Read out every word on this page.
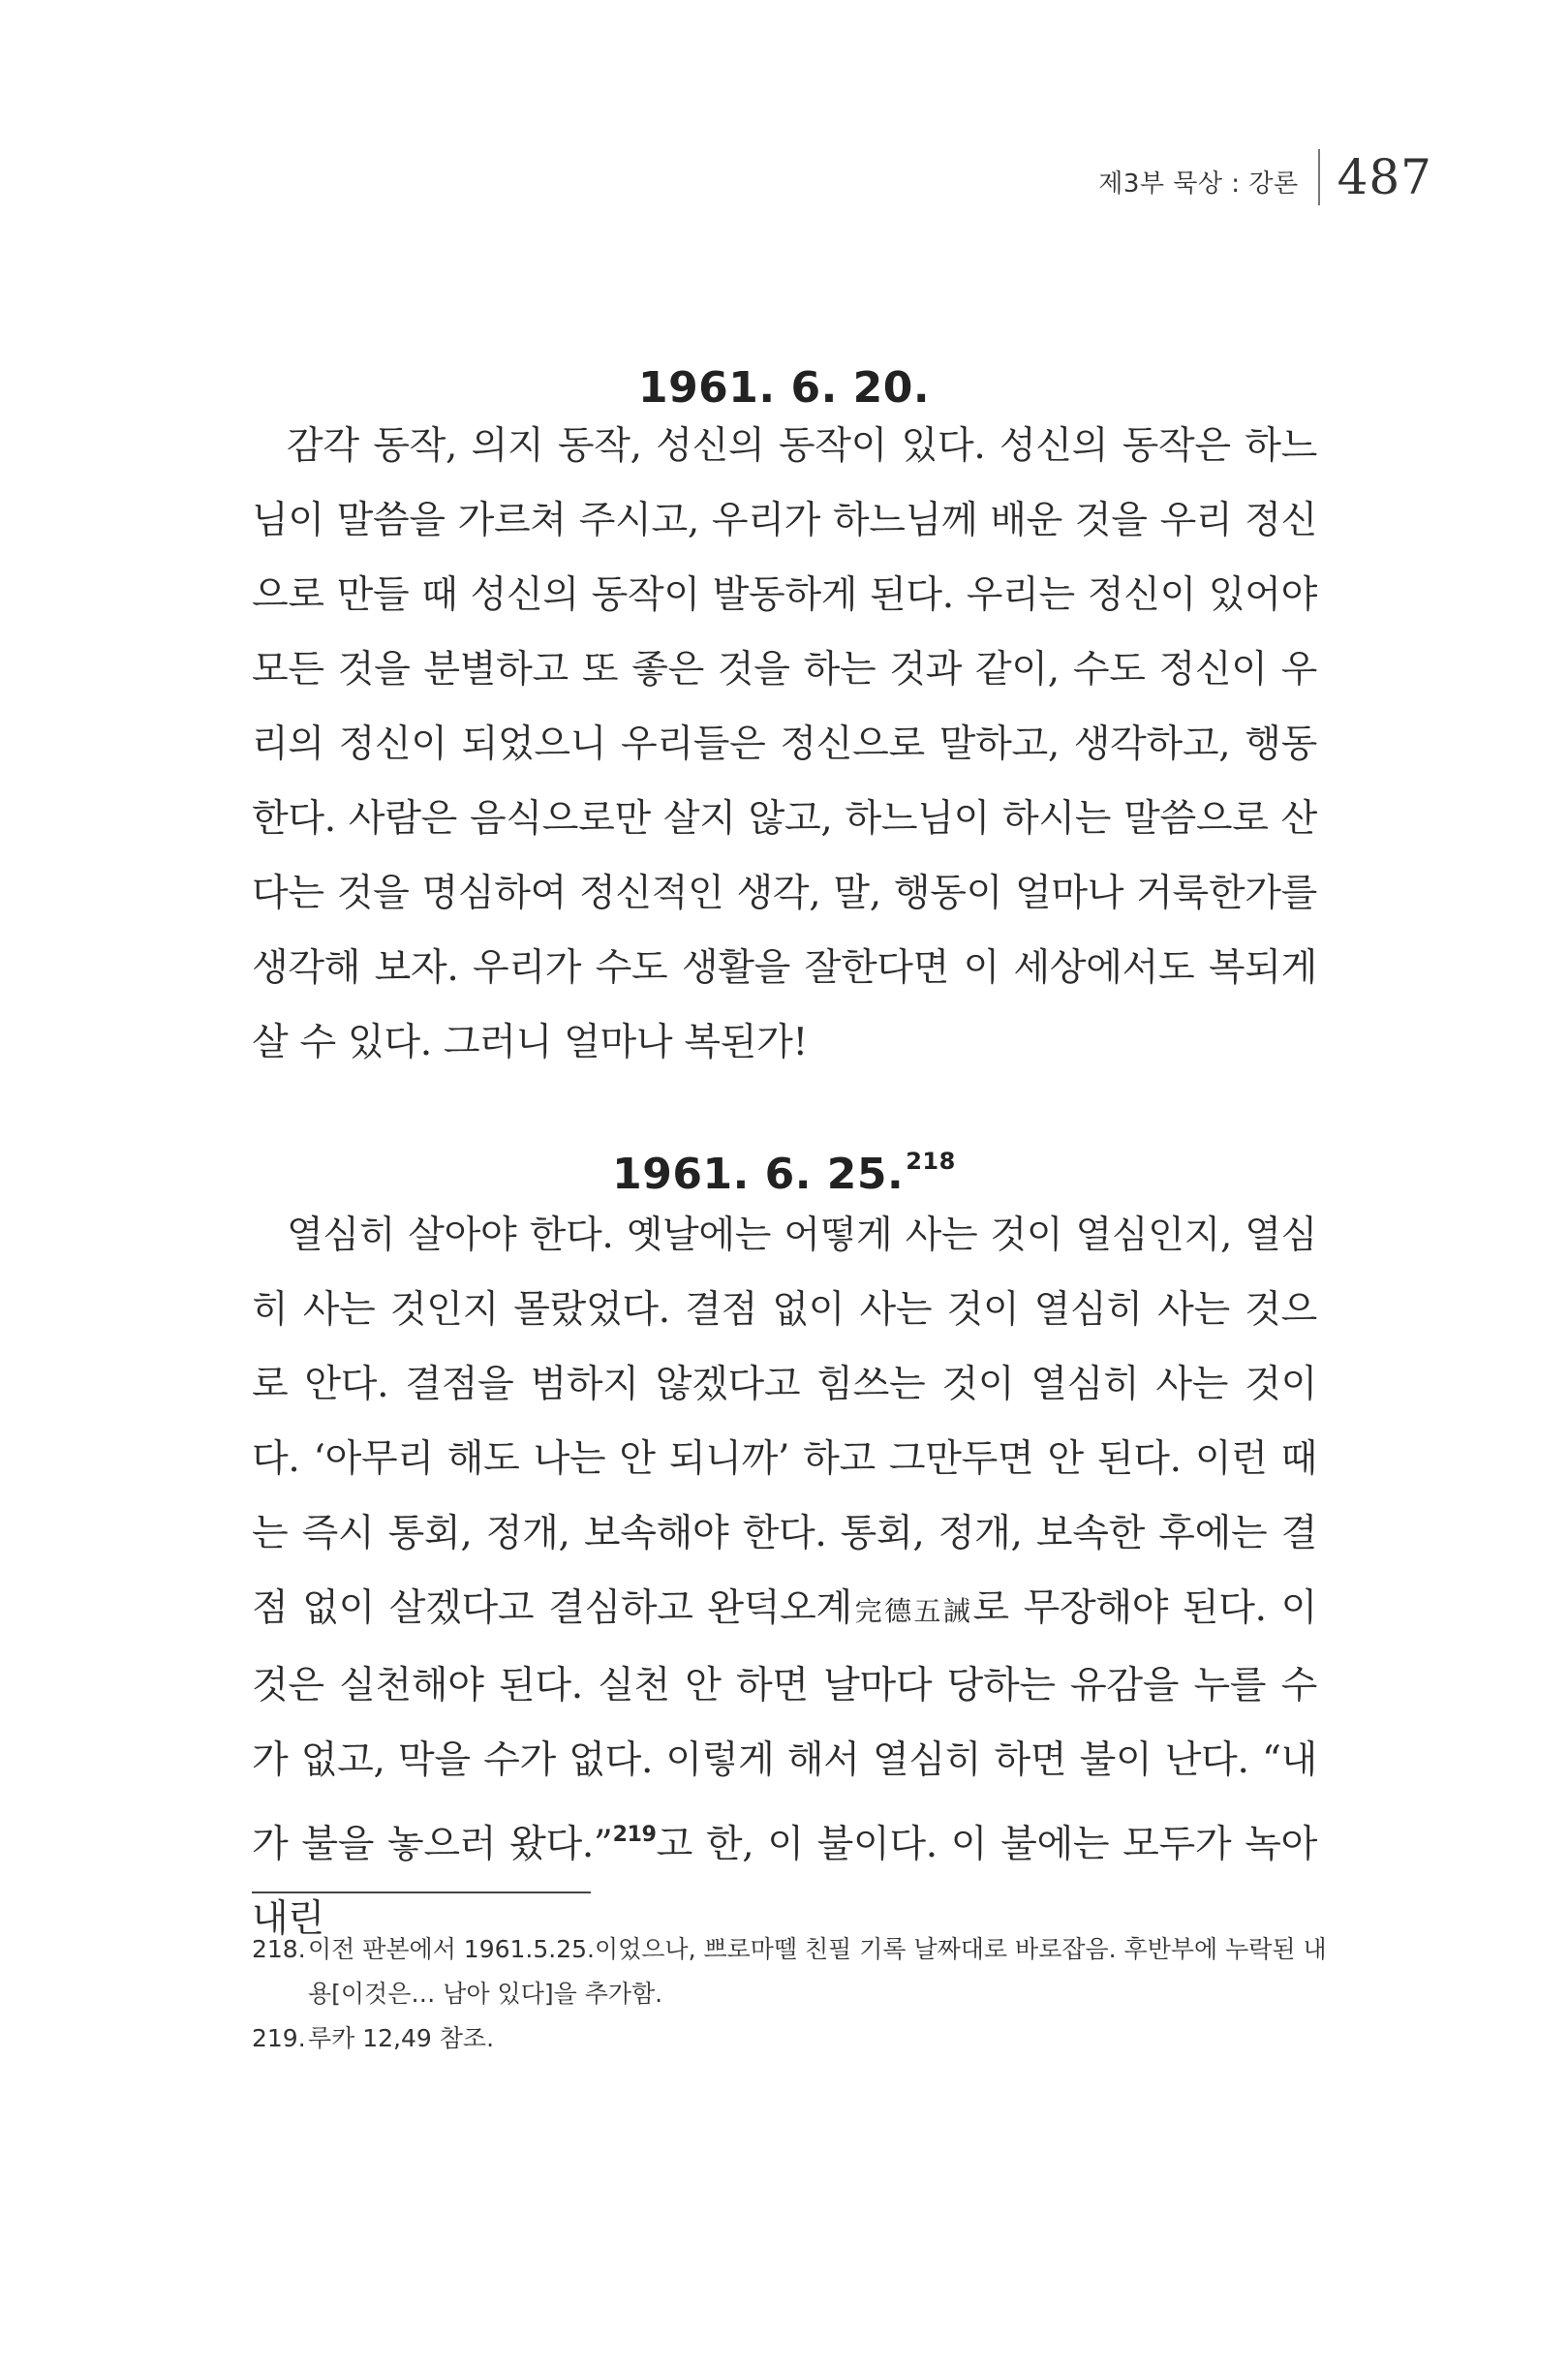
제3부 묵상 : 강론 487
1961. 6. 20.

감각 동작, 의지 동작, 성신의 동작이 있다. 성신의 동작은 하느님이 말씀을 가르쳐 주시고, 우리가 하느님께 배운 것을 우리 정신으로 만들 때 성신의 동작이 발동하게 된다. 우리는 정신이 있어야 모든 것을 분별하고 또 좋은 것을 하는 것과 같이, 수도 정신이 우리의 정신이 되었으니 우리들은 정신으로 말하고, 생각하고, 행동한다. 사람은 음식으로만 살지 않고, 하느님이 하시는 말씀으로 산다는 것을 명심하여 정신적인 생각, 말, 행동이 얼마나 거룩한가를 생각해 보자. 우리가 수도 생활을 잘한다면 이 세상에서도 복되게 살 수 있다. 그러니 얼마나 복된가!

1961. 6. 25.$^{218}$

열심히 살아야 한다. 옛날에는 어떻게 사는 것이 열심인지, 열심히 사는 것인지 몰랐었다. 결점 없이 사는 것이 열심히 사는 것으로 안다. 결점을 범하지 않겠다고 힘쓰는 것이 열심히 사는 것이다. ‘아무리 해도 나는 안 되니까’ 하고 그만두면 안 된다. 이런 때는 즉시 통회, 정개, 보속해야 한다. 통회, 정개, 보속한 후에는 결점 없이 살겠다고 결심하고 완덕오계完德五誡로 무장해야 된다. 이것은 실천해야 된다. 실천 안 하면 날마다 당하는 유감을 누를 수가 없고, 막을 수가 없다. 이렇게 해서 열심히 하면 불이 난다. “내가 불을 놓으러 왔다.”$^{219}$고 한, 이 불이다. 이 불에는 모두가 녹아내린

218. 이전 판본에서 1961.5.25.이었으나, 쁘로마뗄 친필 기록 날짜대로 바로잡음. 후반부에 누락된 내용[이것은… 남아 있다]을 추가함.
219. 루카 12,49 참조.
